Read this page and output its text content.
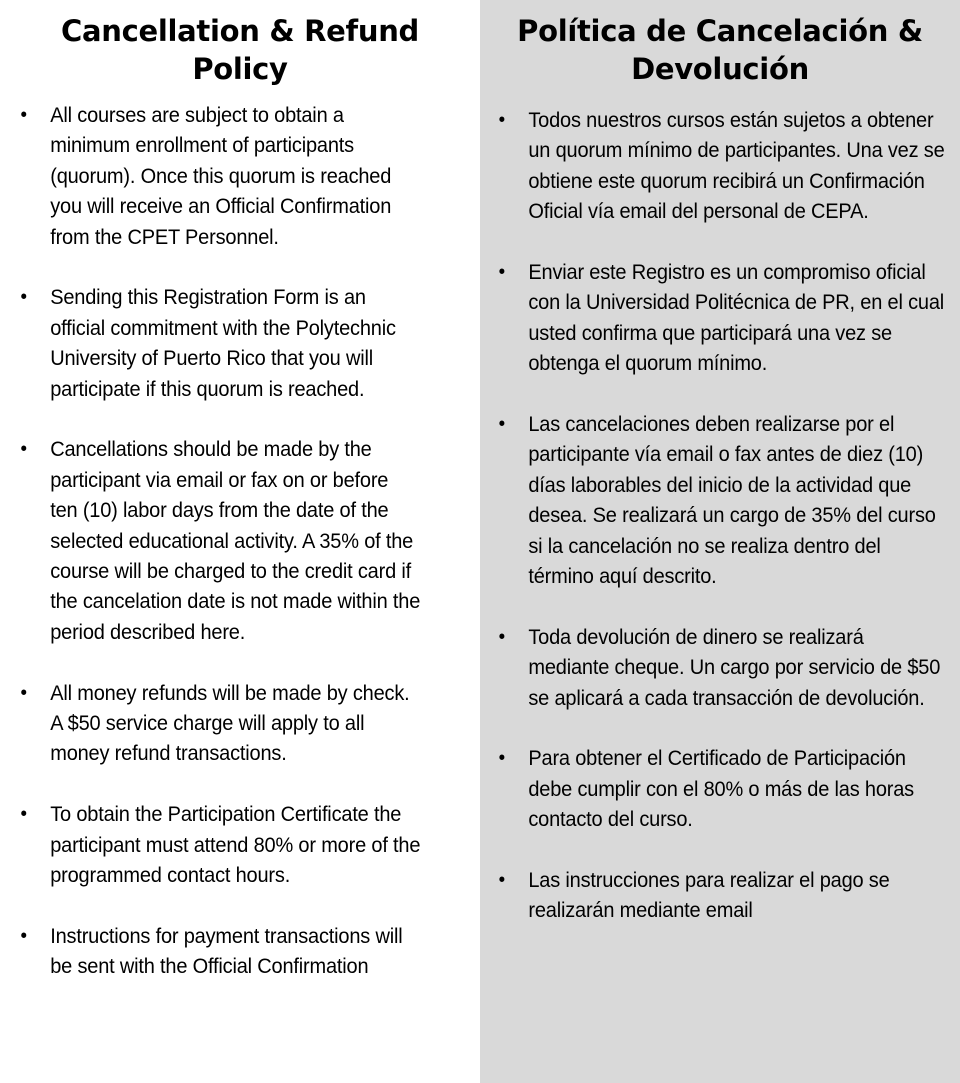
Cancellation & Refund Policy
• All courses are subject to obtain a minimum enrollment of participants (quorum). Once this quorum is reached you will receive an Official Confirmation from the CPET Personnel.
• Sending this Registration Form is an official commitment with the Polytechnic University of Puerto Rico that you will participate if this quorum is reached.
• Cancellations should be made by the participant via email or fax on or before ten (10) labor days from the date of the selected educational activity. A 35% of the course will be charged to the credit card if the cancelation date is not made within the period described here.
• All money refunds will be made by check. A $50 service charge will apply to all money refund transactions.
• To obtain the Participation Certificate the participant must attend 80% or more of the programmed contact hours.
• Instructions for payment transactions will be sent with the Official Confirmation
Política de Cancelación & Devolución
• Todos nuestros cursos están sujetos a obtener un quorum mínimo de participantes. Una vez se obtiene este quorum recibirá un Confirmación Oficial vía email del personal de CEPA.
• Enviar este Registro es un compromiso oficial con la Universidad Politécnica de PR, en el cual usted confirma que participará una vez se obtenga el quorum mínimo.
• Las cancelaciones deben realizarse por el participante vía email o fax antes de diez (10) días laborables del inicio de la actividad que desea. Se realizará un cargo de 35% del curso si la cancelación no se realiza dentro del término aquí descrito.
• Toda devolución de dinero se realizará mediante cheque. Un cargo por servicio de $50 se aplicará a cada transacción de devolución.
• Para obtener el Certificado de Participación debe cumplir con el 80% o más de las horas contacto del curso.
• Las instrucciones para realizar el pago se realizarán mediante email
